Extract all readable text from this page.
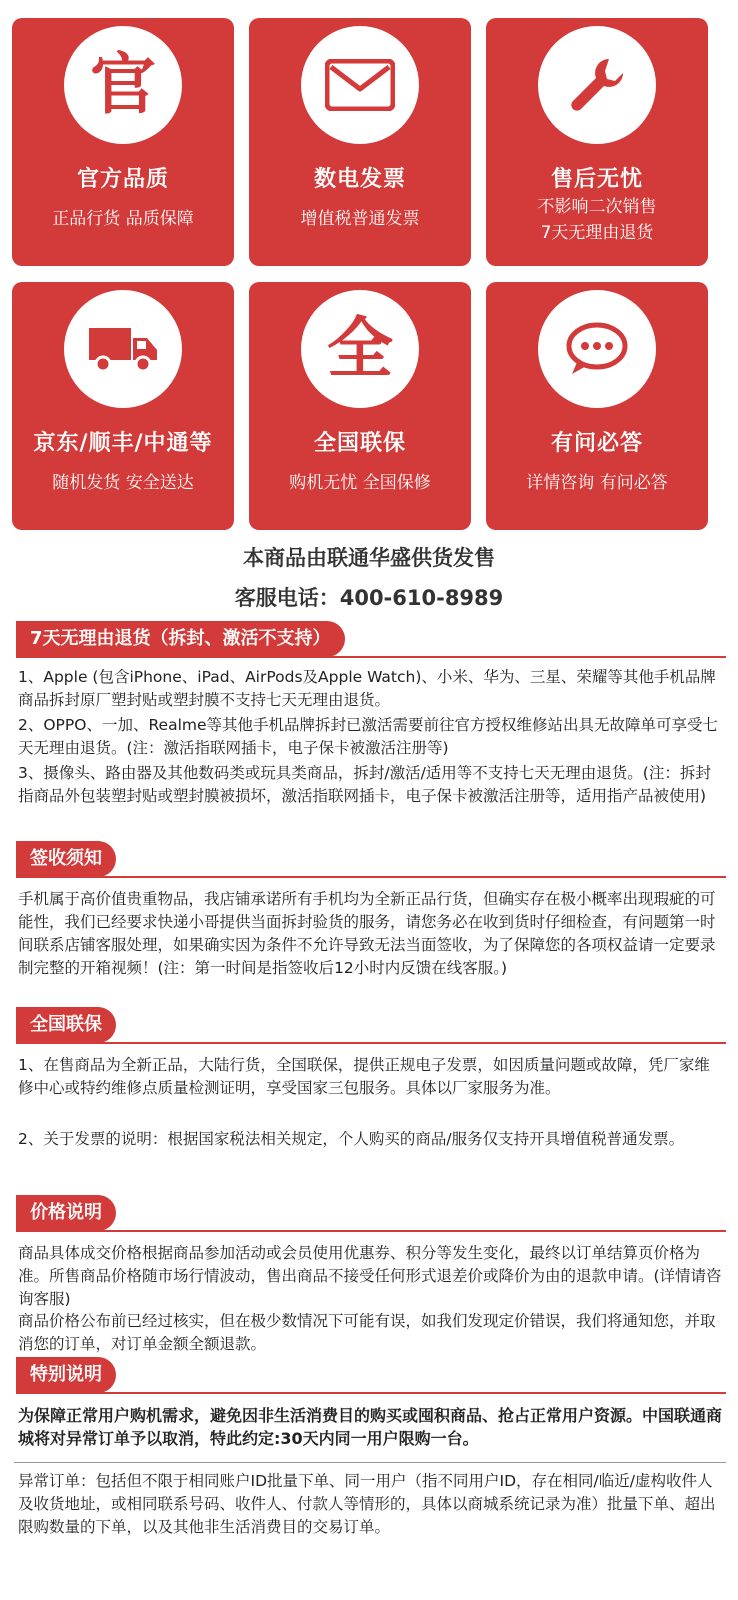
官
官方品质
正品行货 品质保障
数电发票
增值税普通发票
售后无忧
不影响二次销售
7天无理由退货
京东/顺丰/中通等
随机发货 安全送达
全
全国联保
购机无忧 全国保修
有问必答
详情咨询 有问必答
本商品由联通华盛供货发售
客服电话：400-610-8989
7天无理由退货（拆封、激活不支持）
1、Apple (包含iPhone、iPad、AirPods及Apple Watch)、小米、华为、三星、荣耀等其他手机品牌商品拆封原厂塑封贴或塑封膜不支持七天无理由退货。
2、OPPO、一加、Realme等其他手机品牌拆封已激活需要前往官方授权维修站出具无故障单可享受七天无理由退货。(注：激活指联网插卡，电子保卡被激活注册等)
3、摄像头、路由器及其他数码类或玩具类商品，拆封/激活/适用等不支持七天无理由退货。(注：拆封指商品外包装塑封贴或塑封膜被损坏，激活指联网插卡，电子保卡被激活注册等，适用指产品被使用)
签收须知
手机属于高价值贵重物品，我店铺承诺所有手机均为全新正品行货，但确实存在极小概率出现瑕疵的可能性，我们已经要求快递小哥提供当面拆封验货的服务，请您务必在收到货时仔细检查，有问题第一时间联系店铺客服处理，如果确实因为条件不允许导致无法当面签收，为了保障您的各项权益请一定要录制完整的开箱视频！(注：第一时间是指签收后12小时内反馈在线客服。)
全国联保
1、在售商品为全新正品，大陆行货，全国联保，提供正规电子发票，如因质量问题或故障，凭厂家维修中心或特约维修点质量检测证明，享受国家三包服务。具体以厂家服务为准。
2、关于发票的说明：根据国家税法相关规定，个人购买的商品/服务仅支持开具增值税普通发票。
价格说明
商品具体成交价格根据商品参加活动或会员使用优惠券、积分等发生变化，最终以订单结算页价格为准。所售商品价格随市场行情波动，售出商品不接受任何形式退差价或降价为由的退款申请。(详情请咨询客服)
商品价格公布前已经过核实，但在极少数情况下可能有误，如我们发现定价错误，我们将通知您，并取消您的订单，对订单金额全额退款。
特别说明
为保障正常用户购机需求，避免因非生活消费目的购买或囤积商品、抢占正常用户资源。中国联通商城将对异常订单予以取消，特此约定:30天内同一用户限购一台。
异常订单：包括但不限于相同账户ID批量下单、同一用户（指不同用户ID，存在相同/临近/虚构收件人及收货地址，或相同联系号码、收件人、付款人等情形的，具体以商城系统记录为准）批量下单、超出限购数量的下单，以及其他非生活消费目的交易订单。
